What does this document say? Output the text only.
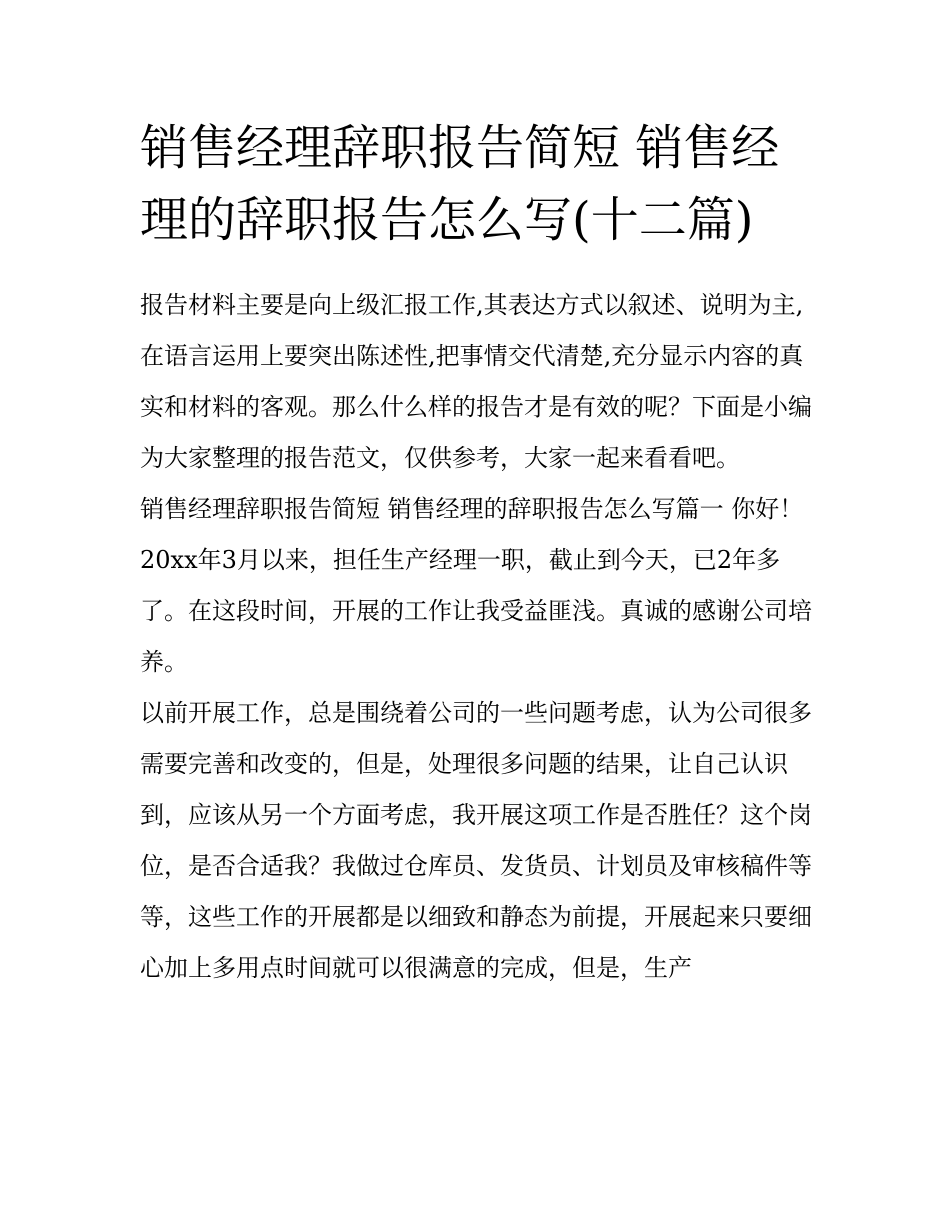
销售经理辞职报告简短 销售经理的辞职报告怎么写(十二篇)

报告材料主要是向上级汇报工作,其表达方式以叙述、说明为主,在语言运用上要突出陈述性,把事情交代清楚,充分显示内容的真实和材料的客观。那么什么样的报告才是有效的呢？下面是小编为大家整理的报告范文，仅供参考，大家一起来看看吧。

销售经理辞职报告简短 销售经理的辞职报告怎么写篇一 你好！

20xx年3月以来，担任生产经理一职，截止到今天，已2年多了。在这段时间，开展的工作让我受益匪浅。真诚的感谢公司培养。

以前开展工作，总是围绕着公司的一些问题考虑，认为公司很多需要完善和改变的，但是，处理很多问题的结果，让自己认识到，应该从另一个方面考虑，我开展这项工作是否胜任？这个岗位，是否合适我？我做过仓库员、发货员、计划员及审核稿件等等，这些工作的开展都是以细致和静态为前提，开展起来只要细心加上多用点时间就可以很满意的完成，但是，生产
